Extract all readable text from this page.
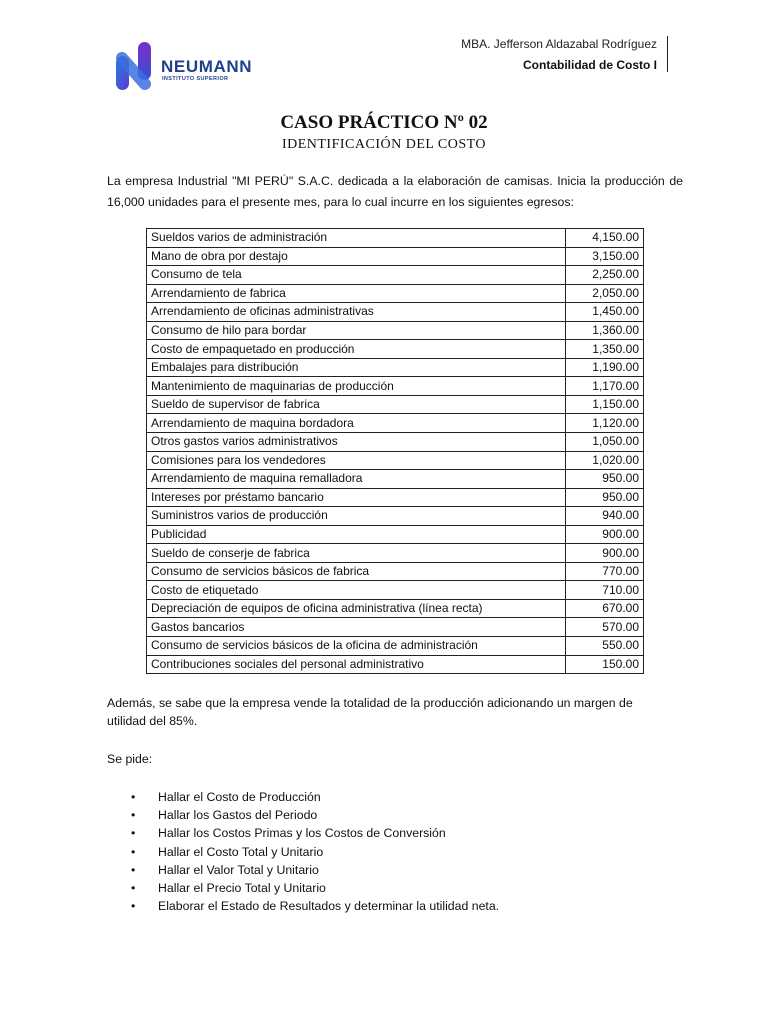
NEUMANN
INSTITUTO SUPERIOR
MBA. Jefferson Aldazabal Rodríguez
Contabilidad de Costo I
CASO PRÁCTICO Nº 02
IDENTIFICACIÓN DEL COSTO
La empresa Industrial "MI PERÚ" S.A.C. dedicada a la elaboración de camisas. Inicia la producción de 16,000 unidades para el presente mes, para lo cual incurre en los siguientes egresos:
Sueldos varios de administración	4,150.00
Mano de obra por destajo	3,150.00
Consumo de tela	2,250.00
Arrendamiento de fabrica	2,050.00
Arrendamiento de oficinas administrativas	1,450.00
Consumo de hilo para bordar	1,360.00
Costo de empaquetado en producción	1,350.00
Embalajes para distribución	1,190.00
Mantenimiento de maquinarias de producción	1,170.00
Sueldo de supervisor de fabrica	1,150.00
Arrendamiento de maquina bordadora	1,120.00
Otros gastos varios administrativos	1,050.00
Comisiones para los vendedores	1,020.00
Arrendamiento de maquina remalladora	950.00
Intereses por préstamo bancario	950.00
Suministros varios de producción	940.00
Publicidad	900.00
Sueldo de conserje de fabrica	900.00
Consumo de servicios básicos de fabrica	770.00
Costo de etiquetado	710.00
Depreciación de equipos de oficina administrativa (línea recta)	670.00
Gastos bancarios	570.00
Consumo de servicios básicos de la oficina de administración	550.00
Contribuciones sociales del personal administrativo	150.00
Además, se sabe que la empresa vende la totalidad de la producción adicionando un margen de utilidad del 85%.
Se pide:
• Hallar el Costo de Producción
• Hallar los Gastos del Periodo
• Hallar los Costos Primas y los Costos de Conversión
• Hallar el Costo Total y Unitario
• Hallar el Valor Total y Unitario
• Hallar el Precio Total y Unitario
• Elaborar el Estado de Resultados y determinar la utilidad neta.
